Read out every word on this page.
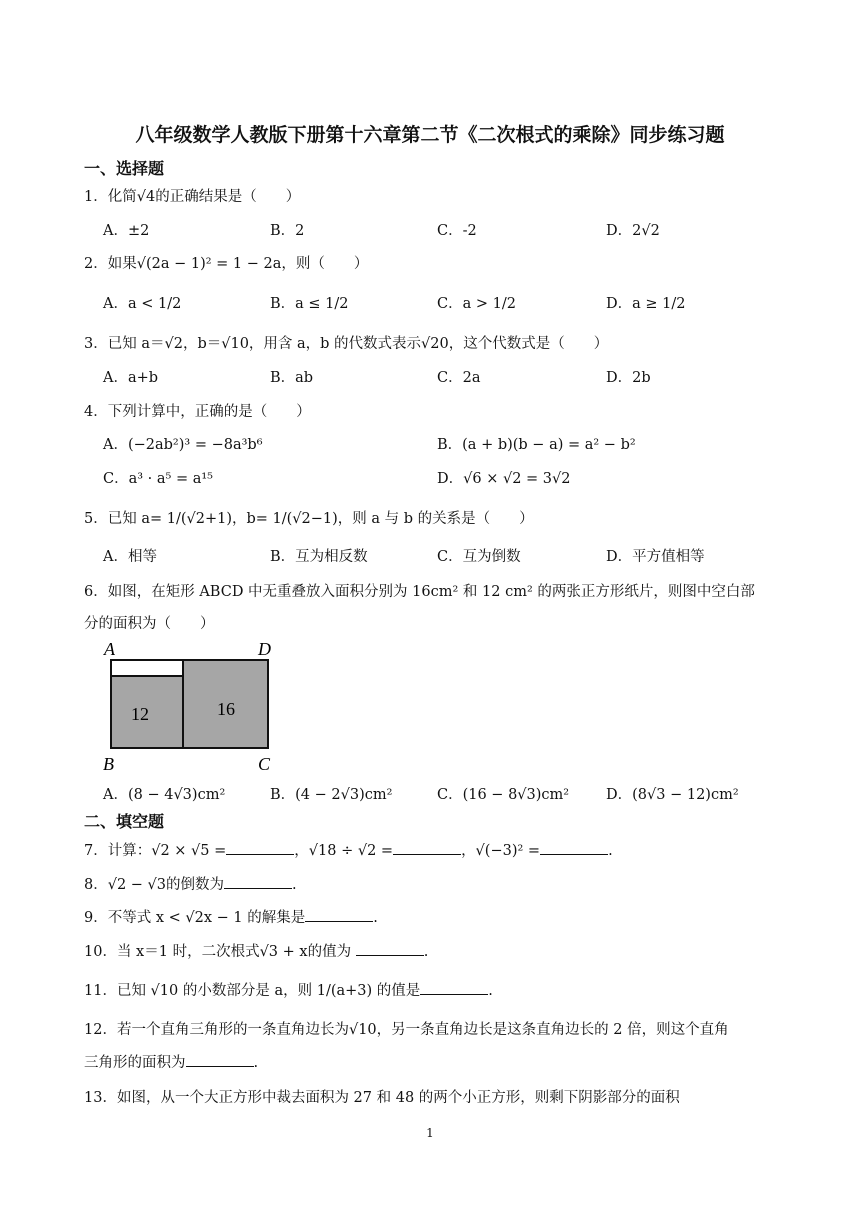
八年级数学人教版下册第十六章第二节《二次根式的乘除》同步练习题
一、选择题
1．化简√4的正确结果是（　　）
A．±2	B．2	C．-2	D．2√2
2．如果√(2a − 1)² = 1 − 2a，则（　　）
A．a < 1/2	B．a ≤ 1/2	C．a > 1/2	D．a ≥ 1/2
3．已知 a＝√2，b＝√10，用含 a，b 的代数式表示√20，这个代数式是（　　）
A．a+b	B．ab	C．2a	D．2b
4．下列计算中，正确的是（　　）
A．(−2ab²)³ = −8a³b⁶	B．(a + b)(b − a) = a² − b²
C．a³ · a⁵ = a¹⁵	D．√6 × √2 = 3√2
5．已知 a= 1/(√2+1)，b= 1/(√2−1)，则 a 与 b 的关系是（　　）
A．相等	B．互为相反数	C．互为倒数	D．平方值相等
6．如图，在矩形 ABCD 中无重叠放入面积分别为 16cm² 和 12 cm² 的两张正方形纸片，则图中空白部
分的面积为（　　）
A	D
B	C
12	16
A．(8 − 4√3)cm²	B．(4 − 2√3)cm²	C．(16 − 8√3)cm²	D．(8√3 − 12)cm²
二、填空题
7．计算：√2 × √5 =	，√18 ÷ √2 =	，√(−3)² =	.
8．√2 − √3的倒数为	.
9．不等式 x < √2x − 1 的解集是	.
10．当 x＝1 时，二次根式√3 + x的值为	.
11．已知 √10 的小数部分是 a，则 1/(a+3) 的值是	.
12．若一个直角三角形的一条直角边长为√10，另一条直角边长是这条直角边长的 2 倍，则这个直角
三角形的面积为	.
13．如图，从一个大正方形中裁去面积为 27 和 48 的两个小正方形，则剩下阴影部分的面积
1
